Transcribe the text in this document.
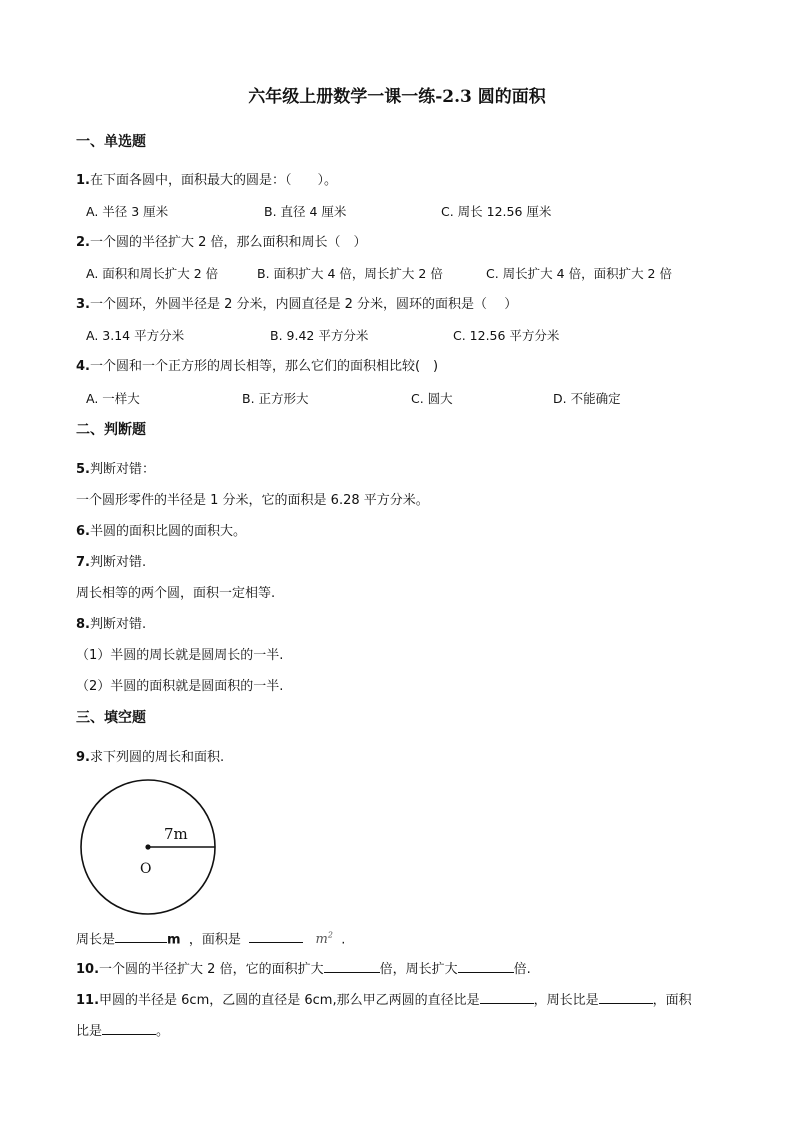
六年级上册数学一课一练-2.3 圆的面积
一、单选题
1.在下面各圆中，面积最大的圆是：（　　）。
A. 半径 3 厘米	B. 直径 4 厘米	C. 周长 12.56 厘米
2.一个圆的半径扩大 2 倍，那么面积和周长（　）
A. 面积和周长扩大 2 倍	B. 面积扩大 4 倍，周长扩大 2 倍	C. 周长扩大 4 倍，面积扩大 2 倍
3.一个圆环，外圆半径是 2 分米，内圆直径是 2 分米，圆环的面积是（　 ）
A. 3.14 平方分米	B. 9.42 平方分米	C. 12.56 平方分米
4.一个圆和一个正方形的周长相等，那么它们的面积相比较(　)
A. 一样大	B. 正方形大	C. 圆大	D. 不能确定
二、判断题
5.判断对错：
一个圆形零件的半径是 1 分米，它的面积是 6.28 平方分米。
6.半圆的面积比圆的面积大。
7.判断对错.
周长相等的两个圆，面积一定相等.
8.判断对错.
（1）半圆的周长就是圆周长的一半.
（2）半圆的面积就是圆面积的一半.
三、填空题
9.求下列圆的周长和面积.
7m
O
周长是	m ，面积是	$m^2$ .
10.一个圆的半径扩大 2 倍，它的面积扩大	倍，周长扩大	倍.
11.甲圆的半径是 6cm，乙圆的直径是 6cm,那么甲乙两圆的直径比是	，周长比是	，面积
比是	。
